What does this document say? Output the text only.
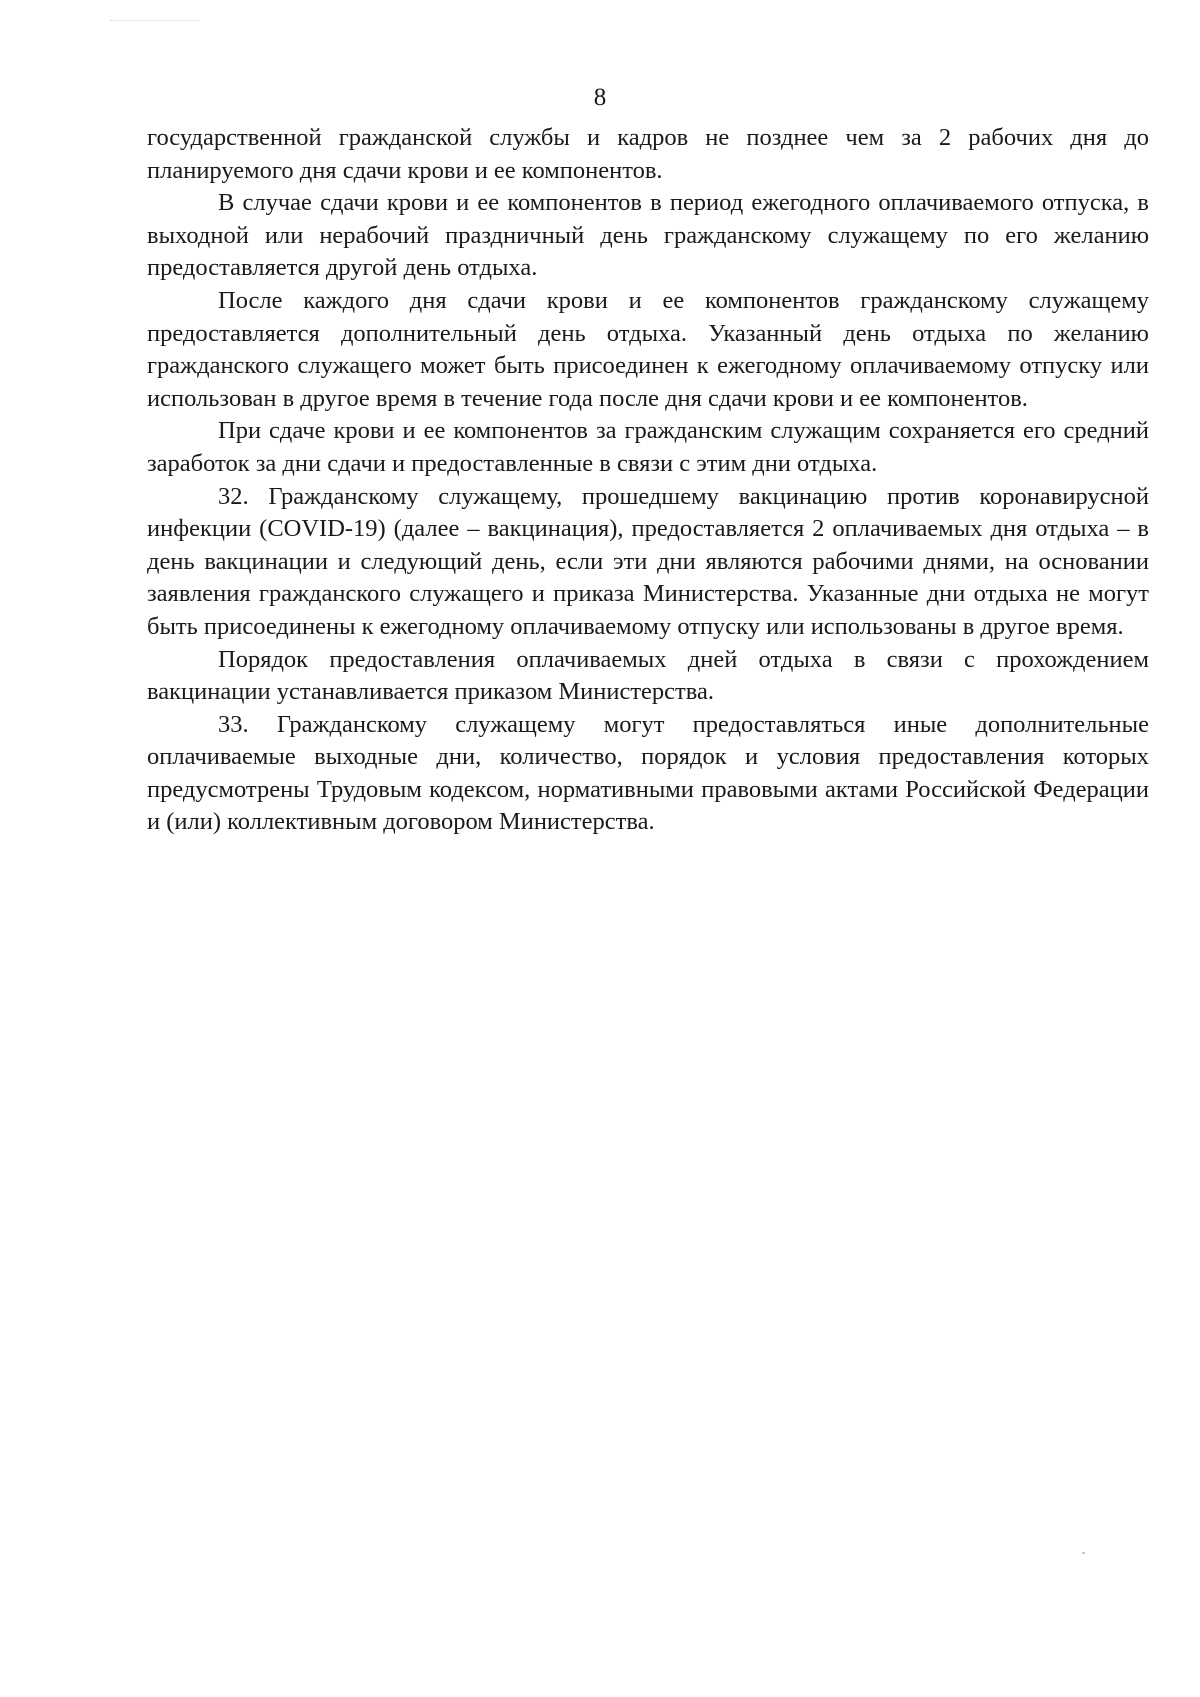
8

государственной гражданской службы и кадров не позднее чем за 2 рабочих дня до планируемого дня сдачи крови и ее компонентов.

В случае сдачи крови и ее компонентов в период ежегодного оплачиваемого отпуска, в выходной или нерабочий праздничный день гражданскому служащему по его желанию предоставляется другой день отдыха.

После каждого дня сдачи крови и ее компонентов гражданскому служащему предоставляется дополнительный день отдыха. Указанный день отдыха по желанию гражданского служащего может быть присоединен к ежегодному оплачиваемому отпуску или использован в другое время в течение года после дня сдачи крови и ее компонентов.

При сдаче крови и ее компонентов за гражданским служащим сохраняется его средний заработок за дни сдачи и предоставленные в связи с этим дни отдыха.

32. Гражданскому служащему, прошедшему вакцинацию против коронавирусной инфекции (COVID-19) (далее – вакцинация), предоставляется 2 оплачиваемых дня отдыха – в день вакцинации и следующий день, если эти дни являются рабочими днями, на основании заявления гражданского служащего и приказа Министерства. Указанные дни отдыха не могут быть присоединены к ежегодному оплачиваемому отпуску или использованы в другое время.

Порядок предоставления оплачиваемых дней отдыха в связи с прохождением вакцинации устанавливается приказом Министерства.

33. Гражданскому служащему могут предоставляться иные дополнительные оплачиваемые выходные дни, количество, порядок и условия предоставления которых предусмотрены Трудовым кодексом, нормативными правовыми актами Российской Федерации и (или) коллективным договором Министерства.
